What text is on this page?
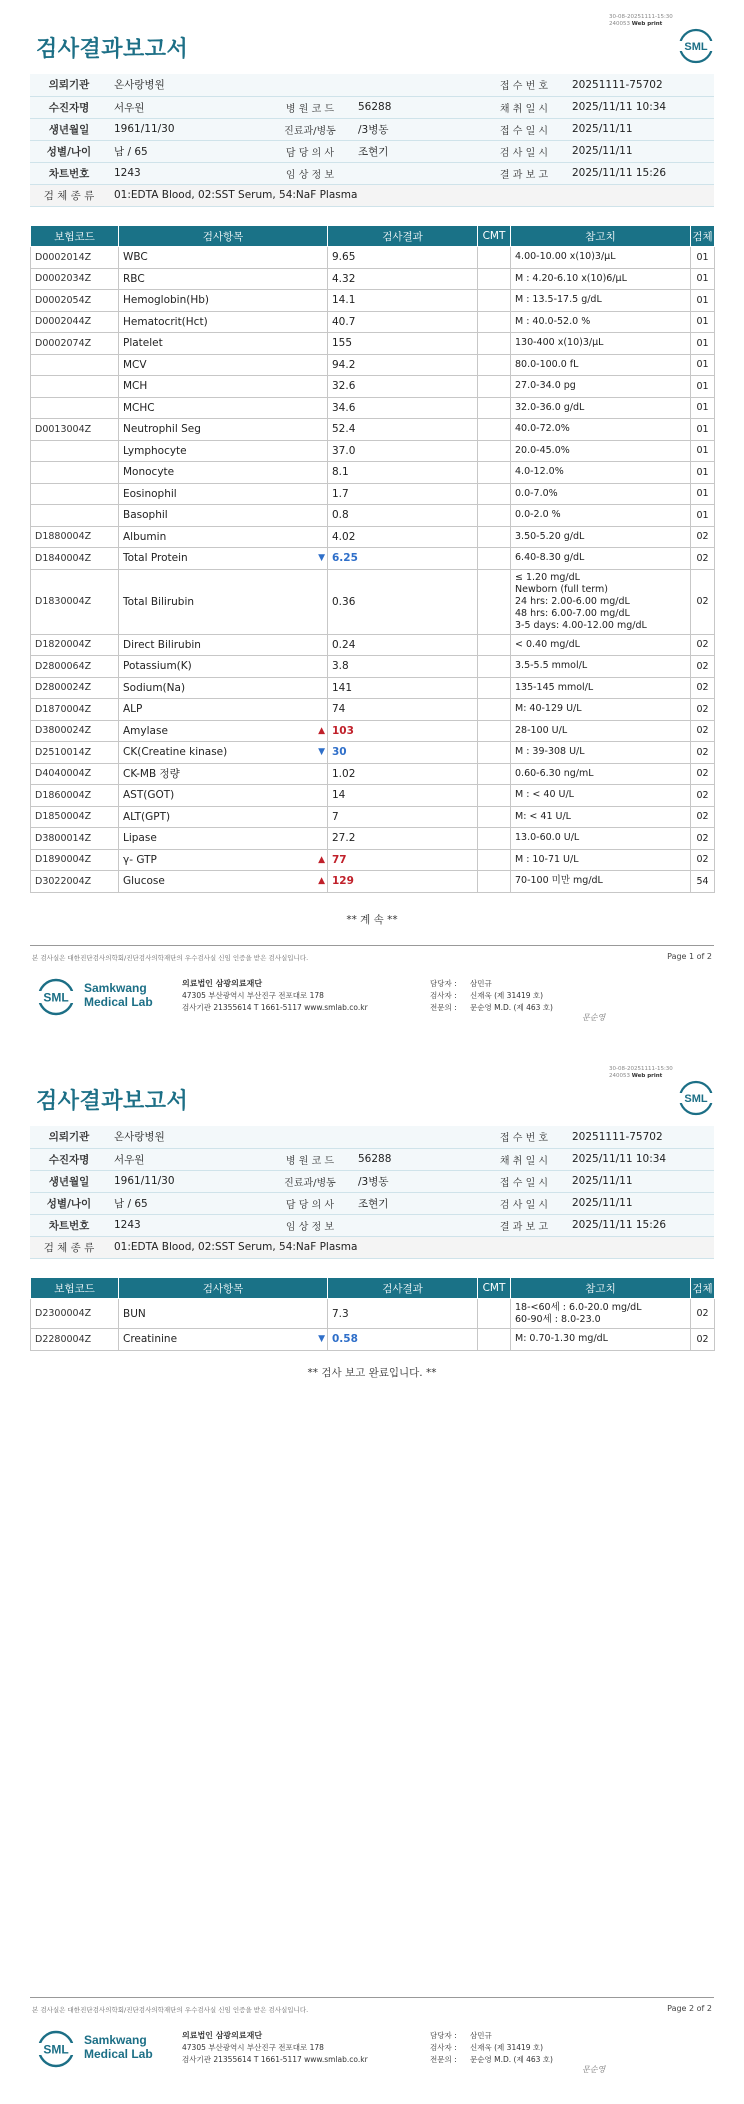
30-08-20251111-15:30
240053 Web print
검사결과보고서	SML
의뢰기관	온사랑병원			접 수 번 호	20251111-75702
수진자명	서우원	병 원 코 드	56288	채 취 일 시	2025/11/11 10:34
생년월일	1961/11/30	진료과/병동	/3병동	접 수 일 시	2025/11/11
성별/나이	남 / 65	담 당 의 사	조현기	검 사 일 시	2025/11/11
차트번호	1243	임 상 정 보		결 과 보 고	2025/11/11 15:26
검 체 종 류	01:EDTA Blood, 02:SST Serum, 54:NaF Plasma				
보험코드	검사항목	검사결과	CMT	참고치	검체
D0002014Z	WBC	9.65		4.00-10.00 x(10)3/μL	01
D0002034Z	RBC	4.32		M : 4.20-6.10 x(10)6/μL	01
D0002054Z	Hemoglobin(Hb)	14.1		M : 13.5-17.5 g/dL	01
D0002044Z	Hematocrit(Hct)	40.7		M : 40.0-52.0 %	01
D0002074Z	Platelet	155		130-400 x(10)3/μL	01
	MCV	94.2		80.0-100.0 fL	01
	MCH	32.6		27.0-34.0 pg	01
	MCHC	34.6		32.0-36.0 g/dL	01
D0013004Z	Neutrophil Seg	52.4		40.0-72.0%	01
	Lymphocyte	37.0		20.0-45.0%	01
	Monocyte	8.1		4.0-12.0%	01
	Eosinophil	1.7		0.0-7.0%	01
	Basophil	0.8		0.0-2.0 %	01
D1880004Z	Albumin	4.02		3.50-5.20 g/dL	02
D1840004Z	Total Protein ▼	6.25		6.40-8.30 g/dL	02
D1830004Z	Total Bilirubin	0.36		≤ 1.20 mg/dL
Newborn (full term)
24 hrs: 2.00-6.00 mg/dL
48 hrs: 6.00-7.00 mg/dL
3-5 days: 4.00-12.00 mg/dL	02
D1820004Z	Direct Bilirubin	0.24		< 0.40 mg/dL	02
D2800064Z	Potassium(K)	3.8		3.5-5.5 mmol/L	02
D2800024Z	Sodium(Na)	141		135-145 mmol/L	02
D1870004Z	ALP	74		M: 40-129 U/L	02
D3800024Z	Amylase ▲	103		28-100 U/L	02
D2510014Z	CK(Creatine kinase) ▼	30		M : 39-308 U/L	02
D4040004Z	CK-MB 정량	1.02		0.60-6.30 ng/mL	02
D1860004Z	AST(GOT)	14		M : < 40 U/L	02
D1850004Z	ALT(GPT)	7		M: < 41 U/L	02
D3800014Z	Lipase	27.2		13.0-60.0 U/L	02
D1890004Z	γ- GTP ▲	77		M : 10-71 U/L	02
D3022004Z	Glucose ▲	129		70-100 미만 mg/dL	54
** 계 속 **
본 검사실은 대한진단검사의학회/진단검사의학재단의 우수검사실 신임 인증을 받은 검사실입니다.	Page 1 of 2
SML
Samkwang
Medical Lab
의료법인 삼광의료재단
47305 부산광역시 부산진구 전포대로 178
검사기관 21355614 T 1661-5117 www.smlab.co.kr
담당자 : 삼민규
검사자 : 신재욱 (제 31419 호)
전문의 : 문순영 M.D. (제 463 호)
문순영
30-08-20251111-15:30
240053 Web print
검사결과보고서	SML
의뢰기관	온사랑병원			접 수 번 호	20251111-75702
수진자명	서우원	병 원 코 드	56288	채 취 일 시	2025/11/11 10:34
생년월일	1961/11/30	진료과/병동	/3병동	접 수 일 시	2025/11/11
성별/나이	남 / 65	담 당 의 사	조현기	검 사 일 시	2025/11/11
차트번호	1243	임 상 정 보		결 과 보 고	2025/11/11 15:26
검 체 종 류	01:EDTA Blood, 02:SST Serum, 54:NaF Plasma				
보험코드	검사항목	검사결과	CMT	참고치	검체
D2300004Z	BUN	7.3		18-<60세 : 6.0-20.0 mg/dL
60-90세 : 8.0-23.0	02
D2280004Z	Creatinine ▼	0.58		M: 0.70-1.30 mg/dL	02
** 검사 보고 완료입니다. **
본 검사실은 대한진단검사의학회/진단검사의학재단의 우수검사실 신임 인증을 받은 검사실입니다.	Page 2 of 2
SML
Samkwang
Medical Lab
의료법인 삼광의료재단
47305 부산광역시 부산진구 전포대로 178
검사기관 21355614 T 1661-5117 www.smlab.co.kr
담당자 : 삼민규
검사자 : 신재욱 (제 31419 호)
전문의 : 문순영 M.D. (제 463 호)
문순영
